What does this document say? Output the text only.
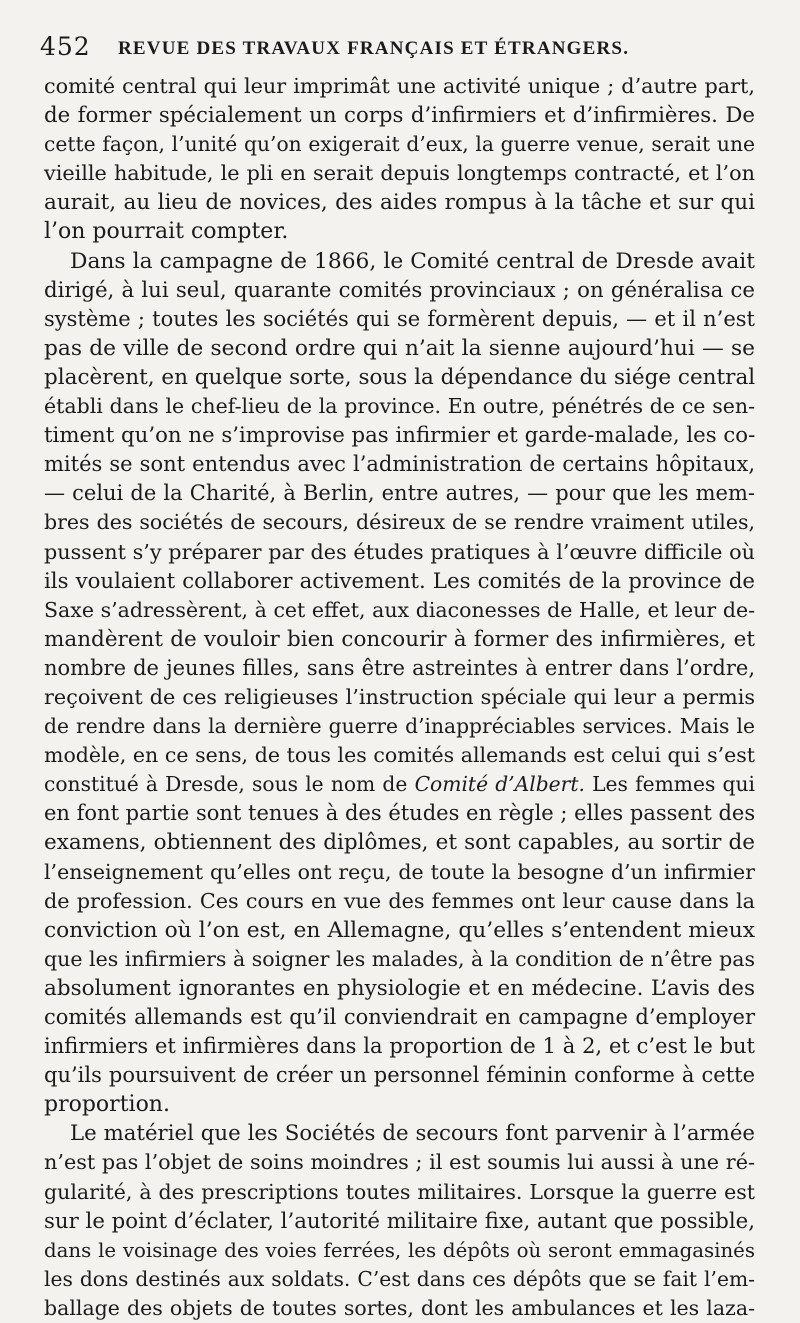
452 REVUE DES TRAVAUX FRANÇAIS ET ÉTRANGERS.
comité central qui leur imprimât une activité unique ; d’autre part,
de former spécialement un corps d’infirmiers et d’infirmières. De
cette façon, l’unité qu’on exigerait d’eux, la guerre venue, serait une
vieille habitude, le pli en serait depuis longtemps contracté, et l’on
aurait, au lieu de novices, des aides rompus à la tâche et sur qui
l’on pourrait compter.
Dans la campagne de 1866, le Comité central de Dresde avait
dirigé, à lui seul, quarante comités provinciaux ; on généralisa ce
système ; toutes les sociétés qui se formèrent depuis, — et il n’est
pas de ville de second ordre qui n’ait la sienne aujourd’hui — se
placèrent, en quelque sorte, sous la dépendance du siége central
établi dans le chef-lieu de la province. En outre, pénétrés de ce sen-
timent qu’on ne s’improvise pas infirmier et garde-malade, les co-
mités se sont entendus avec l’administration de certains hôpitaux,
— celui de la Charité, à Berlin, entre autres, — pour que les mem-
bres des sociétés de secours, désireux de se rendre vraiment utiles,
pussent s’y préparer par des études pratiques à l’œuvre difficile où
ils voulaient collaborer activement. Les comités de la province de
Saxe s’adressèrent, à cet effet, aux diaconesses de Halle, et leur de-
mandèrent de vouloir bien concourir à former des infirmières, et
nombre de jeunes filles, sans être astreintes à entrer dans l’ordre,
reçoivent de ces religieuses l’instruction spéciale qui leur a permis
de rendre dans la dernière guerre d’inappréciables services. Mais le
modèle, en ce sens, de tous les comités allemands est celui qui s’est
constitué à Dresde, sous le nom de Comité d’Albert. Les femmes qui
en font partie sont tenues à des études en règle ; elles passent des
examens, obtiennent des diplômes, et sont capables, au sortir de
l’enseignement qu’elles ont reçu, de toute la besogne d’un infirmier
de profession. Ces cours en vue des femmes ont leur cause dans la
conviction où l’on est, en Allemagne, qu’elles s’entendent mieux
que les infirmiers à soigner les malades, à la condition de n’être pas
absolument ignorantes en physiologie et en médecine. L’avis des
comités allemands est qu’il conviendrait en campagne d’employer
infirmiers et infirmières dans la proportion de 1 à 2, et c’est le but
qu’ils poursuivent de créer un personnel féminin conforme à cette
proportion.
Le matériel que les Sociétés de secours font parvenir à l’armée
n’est pas l’objet de soins moindres ; il est soumis lui aussi à une ré-
gularité, à des prescriptions toutes militaires. Lorsque la guerre est
sur le point d’éclater, l’autorité militaire fixe, autant que possible,
dans le voisinage des voies ferrées, les dépôts où seront emmagasinés
les dons destinés aux soldats. C’est dans ces dépôts que se fait l’em-
ballage des objets de toutes sortes, dont les ambulances et les laza-
